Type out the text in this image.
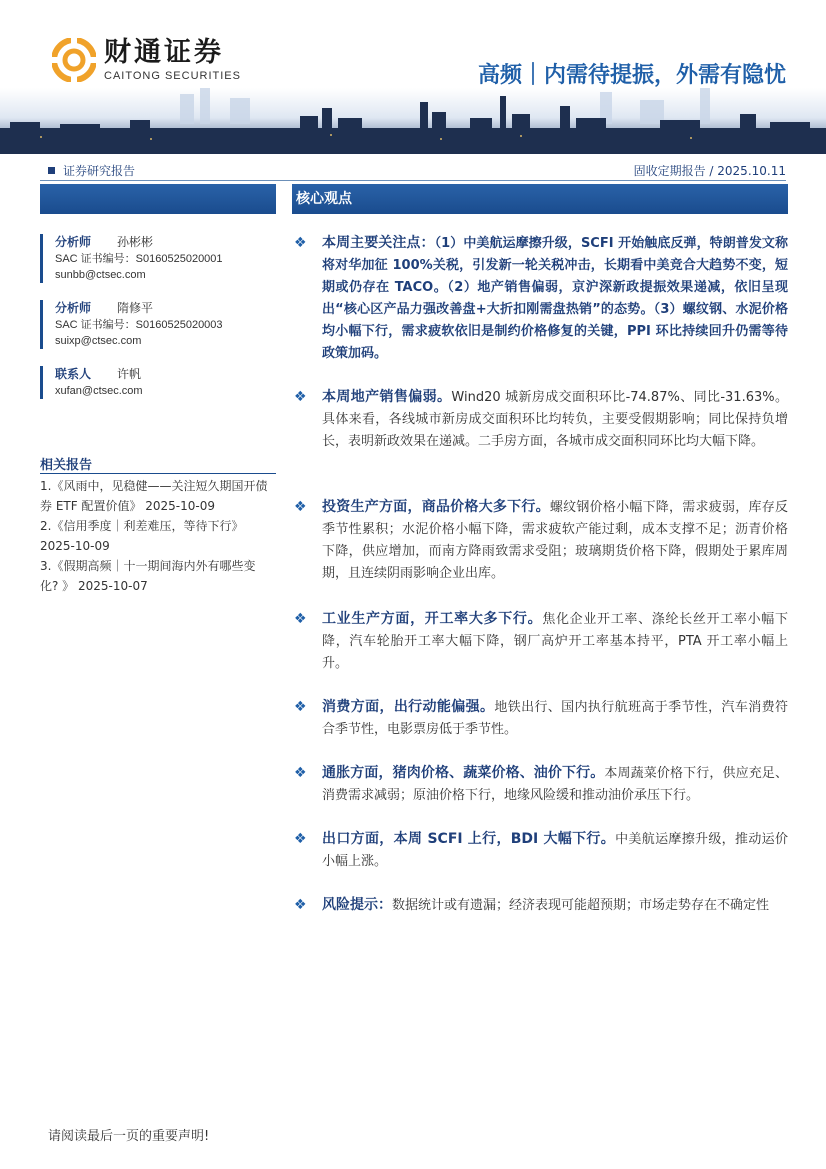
财通证券
CAITONG SECURITIES	高频｜内需待提振，外需有隐忧
证券研究报告	固收定期报告 / 2025.10.11
分析师	孙彬彬
SAC 证书编号：S0160525020001
sunbb@ctsec.com
分析师	隋修平
SAC 证书编号：S0160525020003
suixp@ctsec.com
联系人	许帆
xufan@ctsec.com
相关报告
1.《风雨中，见稳健——关注短久期国开债
券 ETF 配置价值》 2025-10-09
2.《信用季度｜利差难压，等待下行》
2025-10-09
3.《假期高频｜十一期间海内外有哪些变
化? 》 2025-10-07
核心观点
❖	本周主要关注点：（1）中美航运摩擦升级，SCFI 开始触底反弹，特朗普发文称将对华加征 100%关税，引发新一轮关税冲击，长期看中美竞合大趋势不变，短期或仍存在 TACO。（2）地产销售偏弱，京沪深新政提振效果递减，依旧呈现出“核心区产品力强改善盘+大折扣刚需盘热销”的态势。（3）螺纹钢、水泥价格均小幅下行，需求疲软依旧是制约价格修复的关键，PPI 环比持续回升仍需等待政策加码。
❖	本周地产销售偏弱。Wind20 城新房成交面积环比-74.87%、同比-31.63%。具体来看，各线城市新房成交面积环比均转负，主要受假期影响；同比保持负增长，表明新政效果在递减。二手房方面，各城市成交面积同环比均大幅下降。
❖	投资生产方面，商品价格大多下行。螺纹钢价格小幅下降，需求疲弱，库存反季节性累积；水泥价格小幅下降，需求疲软产能过剩，成本支撑不足；沥青价格下降，供应增加，而南方降雨致需求受阻；玻璃期货价格下降，假期处于累库周期，且连续阴雨影响企业出库。
❖	工业生产方面，开工率大多下行。焦化企业开工率、涤纶长丝开工率小幅下降，汽车轮胎开工率大幅下降，钢厂高炉开工率基本持平，PTA 开工率小幅上升。
❖	消费方面，出行动能偏强。地铁出行、国内执行航班高于季节性，汽车消费符合季节性，电影票房低于季节性。
❖	通胀方面，猪肉价格、蔬菜价格、油价下行。本周蔬菜价格下行，供应充足、消费需求减弱；原油价格下行，地缘风险缓和推动油价承压下行。
❖	出口方面，本周 SCFI 上行，BDI 大幅下行。中美航运摩擦升级，推动运价小幅上涨。
❖	风险提示：数据统计或有遗漏；经济表现可能超预期；市场走势存在不确定性
请阅读最后一页的重要声明!
